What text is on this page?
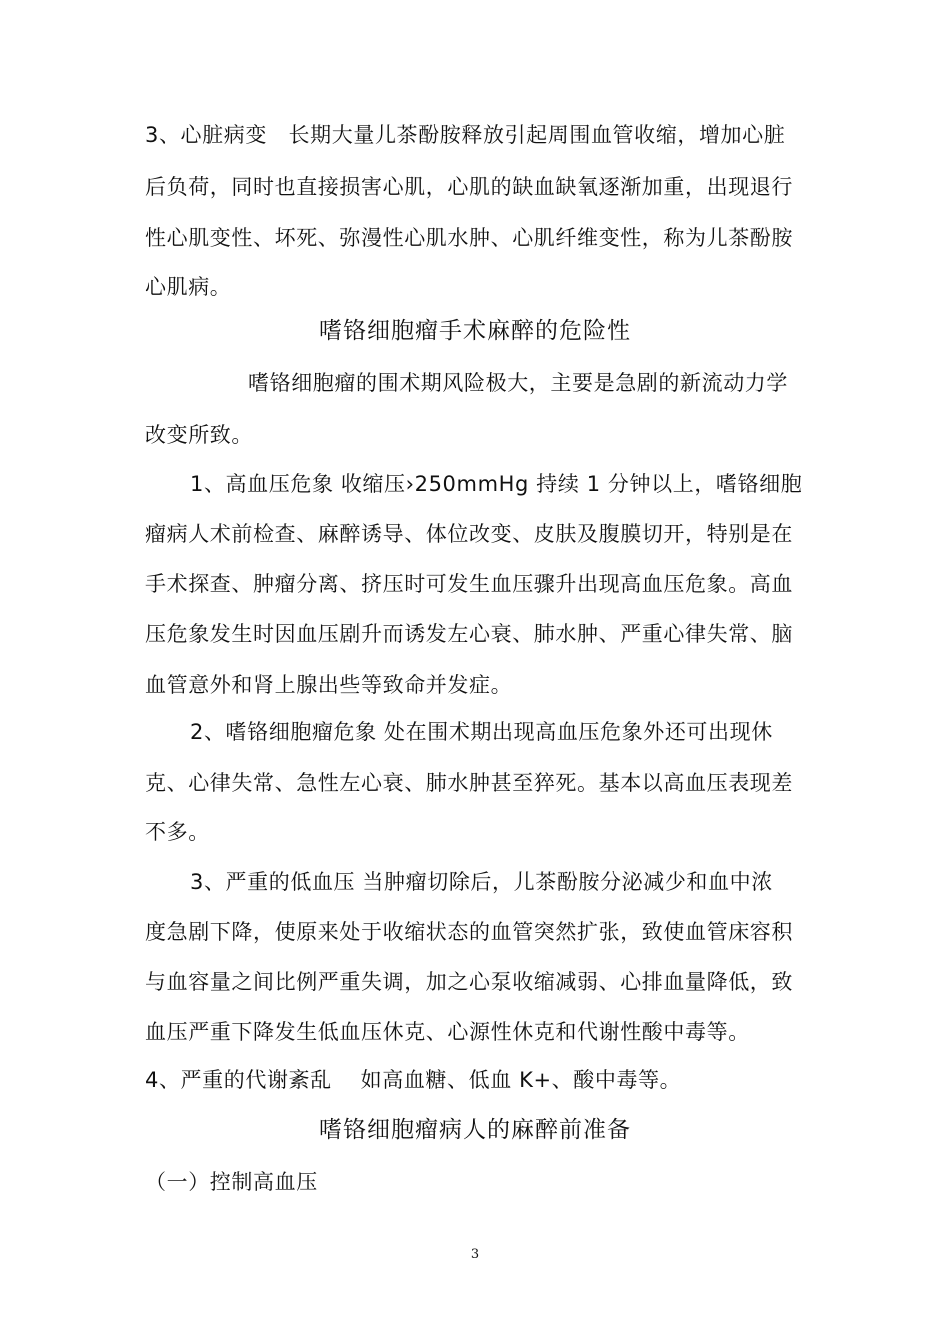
3、心脏病变　长期大量儿茶酚胺释放引起周围血管收缩，增加心脏
后负荷，同时也直接损害心肌，心肌的缺血缺氧逐渐加重，出现退行
性心肌变性、坏死、弥漫性心肌水肿、心肌纤维变性，称为儿茶酚胺
心肌病。
嗜铬细胞瘤手术麻醉的危险性
嗜铬细胞瘤的围术期风险极大，主要是急剧的新流动力学
改变所致。
1、高血压危象 收缩压›250mmHg 持续 1 分钟以上，嗜铬细胞
瘤病人术前检查、麻醉诱导、体位改变、皮肤及腹膜切开，特别是在
手术探查、肿瘤分离、挤压时可发生血压骤升出现高血压危象。高血
压危象发生时因血压剧升而诱发左心衰、肺水肿、严重心律失常、脑
血管意外和肾上腺出些等致命并发症。
2、嗜铬细胞瘤危象 处在围术期出现高血压危象外还可出现休
克、心律失常、急性左心衰、肺水肿甚至猝死。基本以高血压表现差
不多。
3、严重的低血压 当肿瘤切除后，儿茶酚胺分泌减少和血中浓
度急剧下降，使原来处于收缩状态的血管突然扩张，致使血管床容积
与血容量之间比例严重失调，加之心泵收缩减弱、心排血量降低，致
血压严重下降发生低血压休克、心源性休克和代谢性酸中毒等。
4、严重的代谢紊乱　 如高血糖、低血 K+、酸中毒等。
嗜铬细胞瘤病人的麻醉前准备
（一）控制高血压
3
